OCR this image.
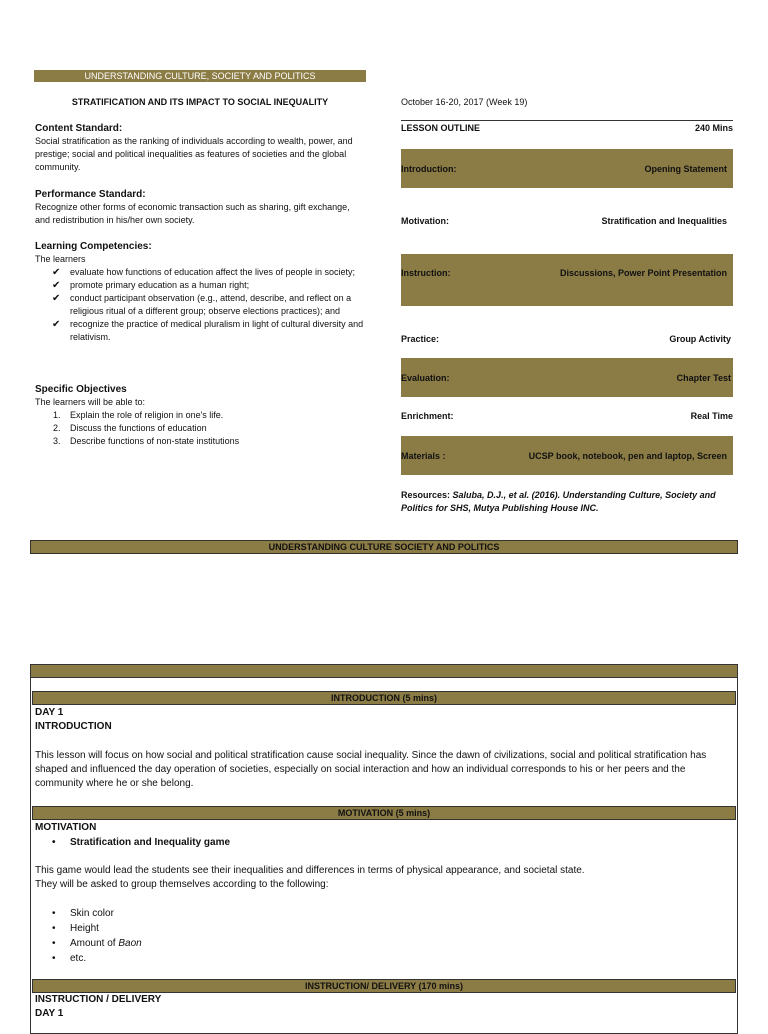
UNDERSTANDING CULTURE, SOCIETY AND POLITICS
STRATIFICATION AND ITS IMPACT TO SOCIAL INEQUALITY
Content Standard:
Social stratification as the ranking of individuals according to wealth, power, and prestige; social and political inequalities as features of societies and the global community.
Performance Standard:
Recognize other forms of economic transaction such as sharing, gift exchange, and redistribution in his/her own society.
Learning Competencies:
The learners
✔ evaluate how functions of education affect the lives of people in society;
✔ promote primary education as a human right;
✔ conduct participant observation (e.g., attend, describe, and reflect on a religious ritual of a different group; observe elections practices); and
✔ recognize the practice of medical pluralism in light of cultural diversity and relativism.
Specific Objectives
The learners will be able to:
1. Explain the role of religion in one's life.
2. Discuss the functions of education
3. Describe functions of non-state institutions
October 16-20, 2017 (Week 19)
LESSON OUTLINE	240 Mins
Introduction:	Opening Statement
Motivation:	Stratification and Inequalities
Instruction:	Discussions, Power Point Presentation
Practice:	Group Activity
Evaluation:	Chapter Test
Enrichment:	Real Time
Materials :	UCSP book, notebook, pen and laptop, Screen
Resources: Saluba, D.J., et al. (2016). Understanding Culture, Society and Politics for SHS, Mutya Publishing House INC.
UNDERSTANDING CULTURE SOCIETY AND POLITICS
INTRODUCTION (5 mins)
DAY 1
INTRODUCTION
This lesson will focus on how social and political stratification cause social inequality. Since the dawn of civilizations, social and political stratification has shaped and influenced the day operation of societies, especially on social interaction and how an individual corresponds to his or her peers and the community where he or she belong.
MOTIVATION (5 mins)
MOTIVATION
• Stratification and Inequality game
This game would lead the students see their inequalities and differences in terms of physical appearance, and societal state.
They will be asked to group themselves according to the following:
• Skin color
• Height
• Amount of Baon
• etc.
INSTRUCTION/ DELIVERY (170 mins)
INSTRUCTION / DELIVERY
DAY 1
